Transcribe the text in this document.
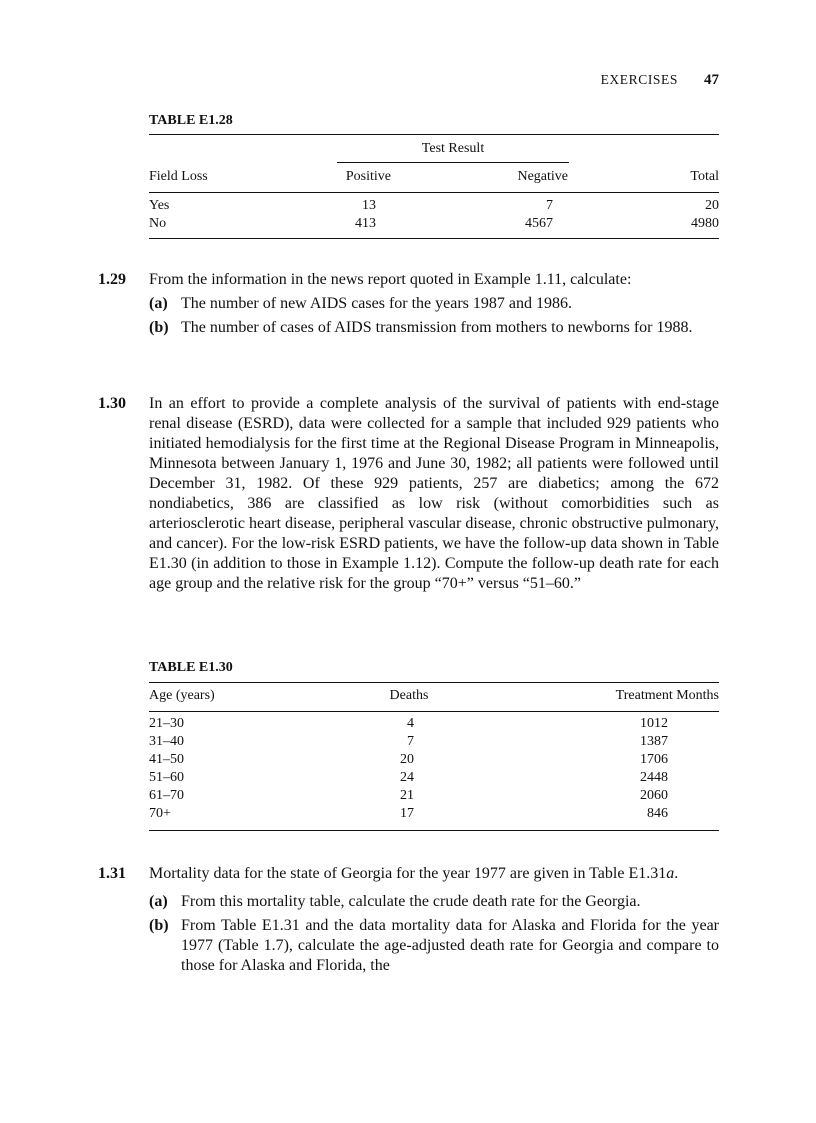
EXERCISES 47
TABLE E1.28
Test Result
Field Loss	Positive	Negative	Total
Yes	13	7	20
No	413	4567	4980
1.29 From the information in the news report quoted in Example 1.11, calculate:

(a) The number of new AIDS cases for the years 1987 and 1986.
(b) The number of cases of AIDS transmission from mothers to newborns for 1988.
1.30 In an effort to provide a complete analysis of the survival of patients with end-stage renal disease (ESRD), data were collected for a sample that included 929 patients who initiated hemodialysis for the first time at the Regional Disease Program in Minneapolis, Minnesota between January 1, 1976 and June 30, 1982; all patients were followed until December 31, 1982. Of these 929 patients, 257 are diabetics; among the 672 nondiabetics, 386 are classified as low risk (without comorbidities such as arteriosclerotic heart disease, peripheral vascular disease, chronic obstructive pulmonary, and cancer). For the low-risk ESRD patients, we have the follow-up data shown in Table E1.30 (in addition to those in Example 1.12). Compute the follow-up death rate for each age group and the relative risk for the group “70+” versus “51–60.”

TABLE E1.30
Age (years)	Deaths	Treatment Months
21–30	4	1012
31–40	7	1387
41–50	20	1706
51–60	24	2448
61–70	21	2060
70+	17	846
1.31 Mortality data for the state of Georgia for the year 1977 are given in Table E1.31a.

(a) From this mortality table, calculate the crude death rate for the Georgia.
(b) From Table E1.31 and the data mortality data for Alaska and Florida for the year 1977 (Table 1.7), calculate the age-adjusted death rate for Georgia and compare to those for Alaska and Florida, the
